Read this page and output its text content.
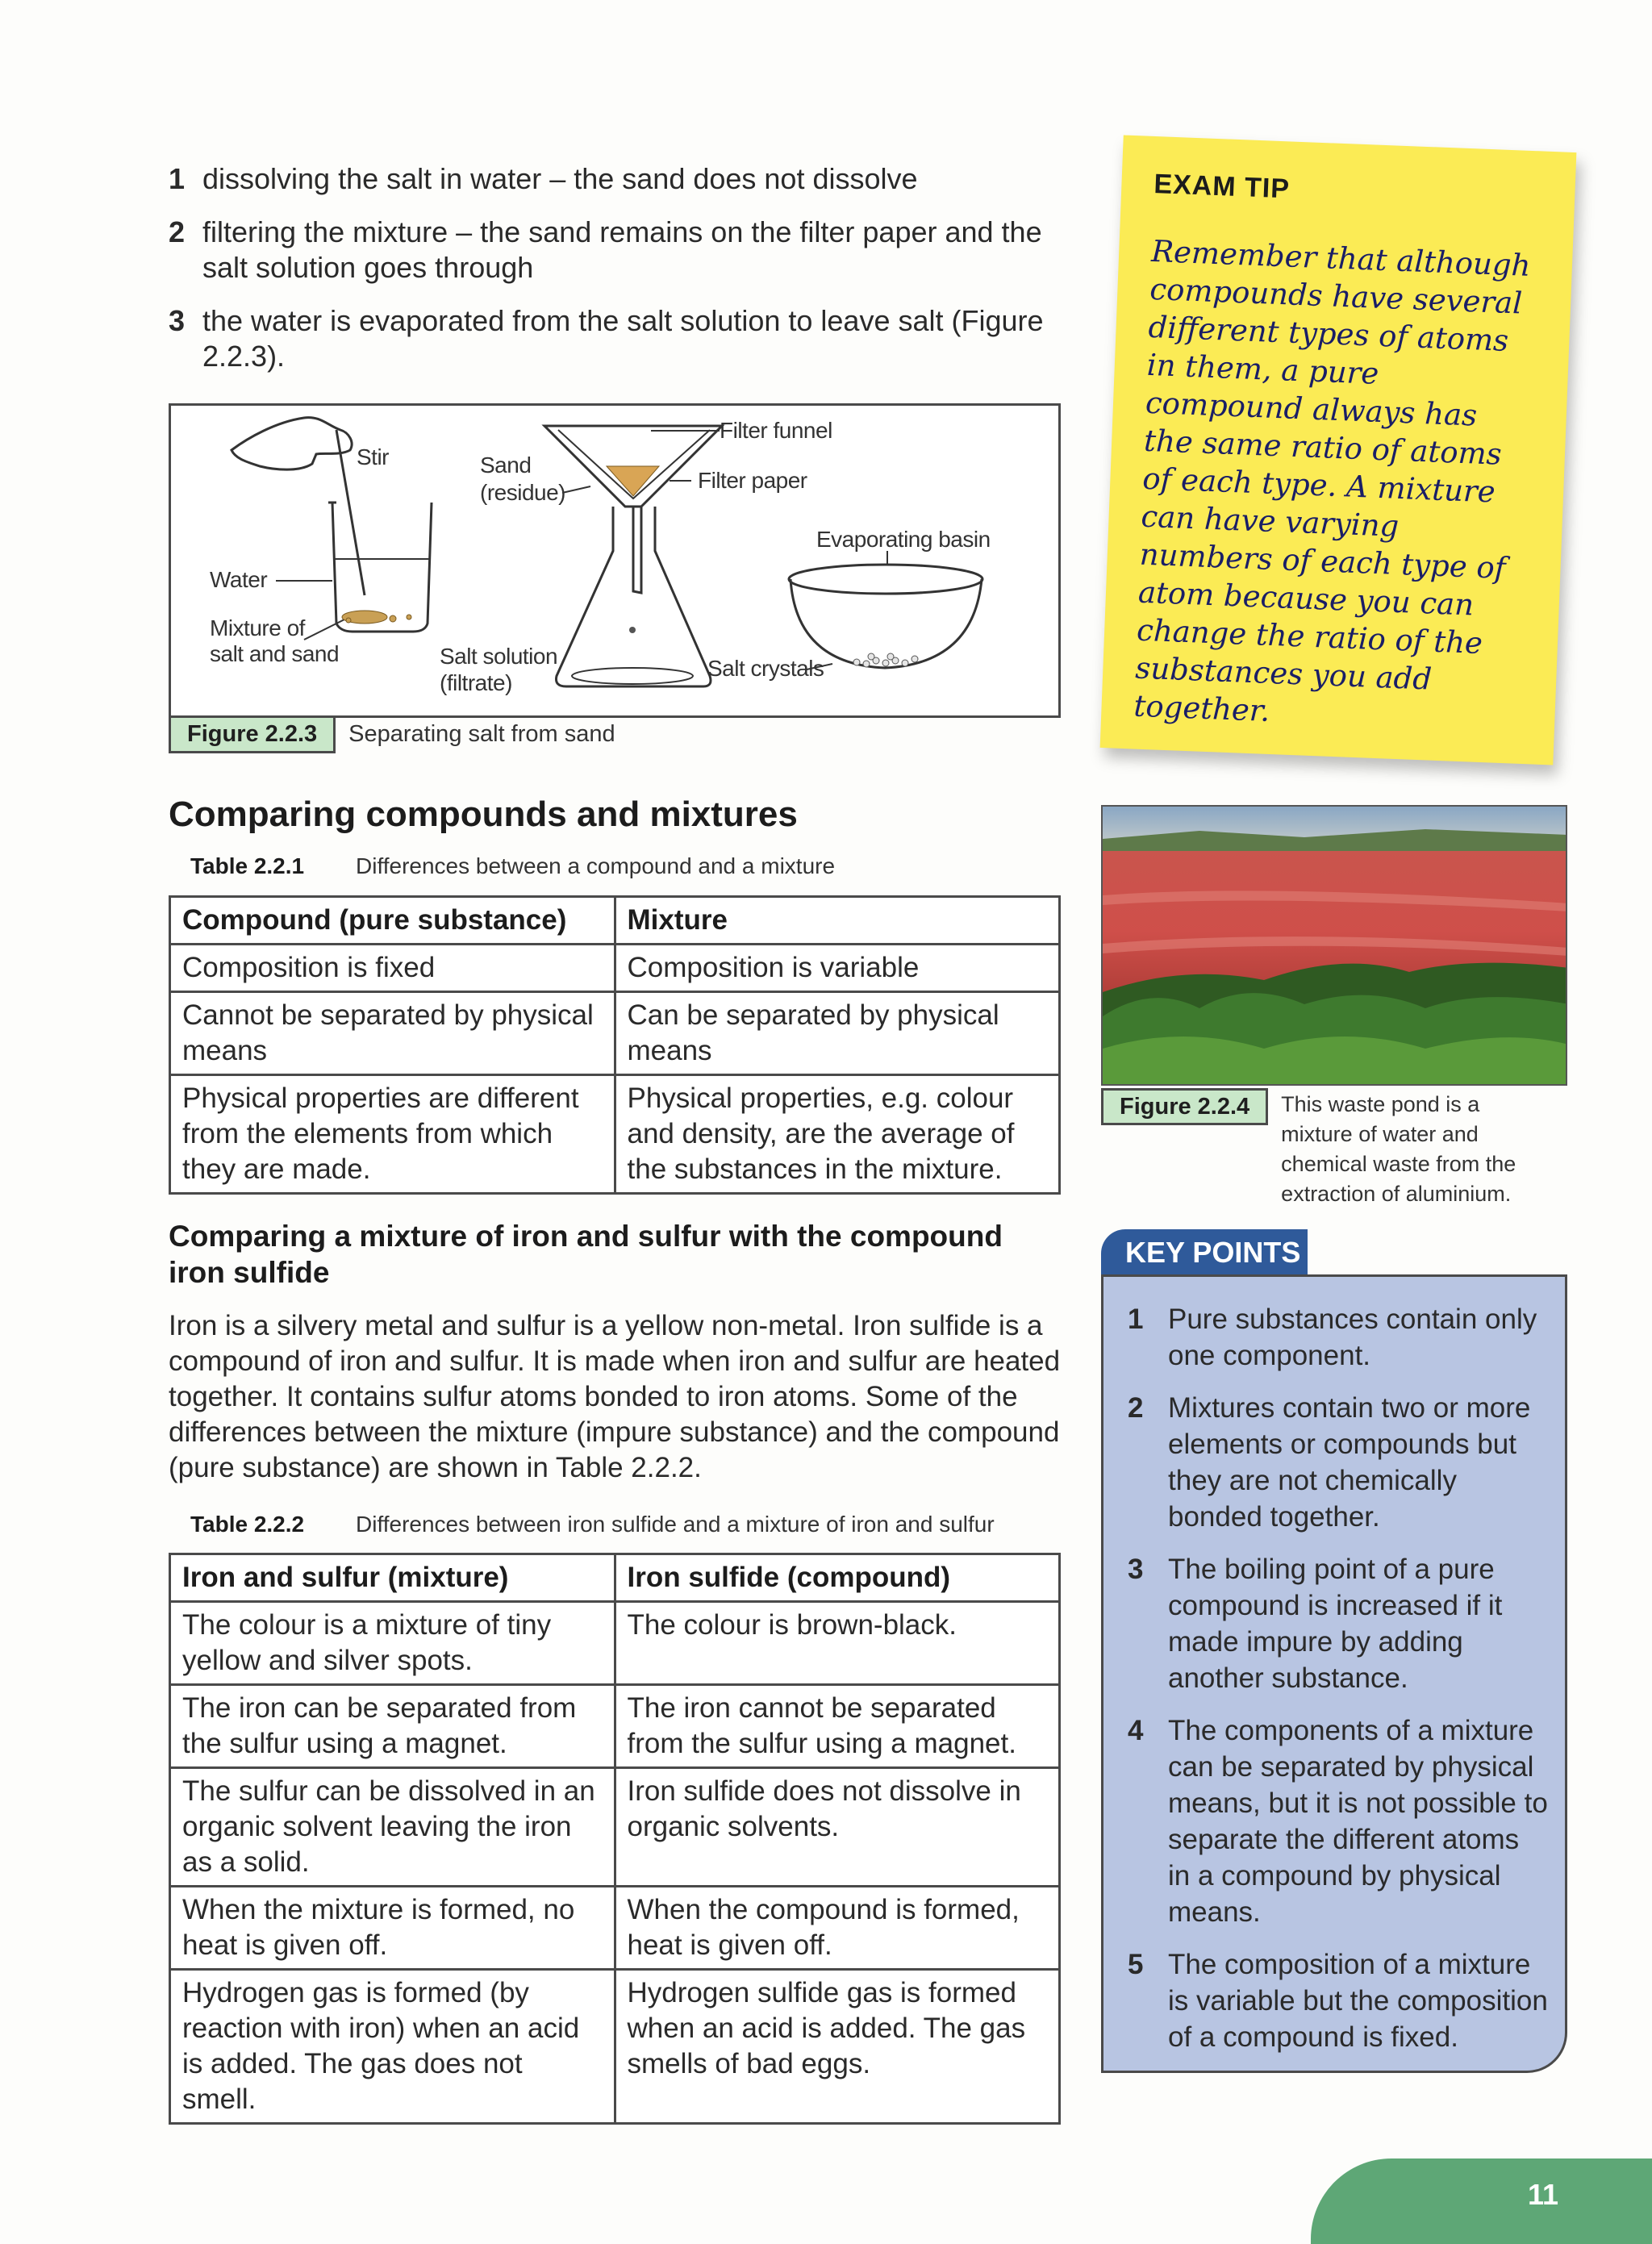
1 dissolving the salt in water – the sand does not dissolve
2 filtering the mixture – the sand remains on the filter paper and the salt solution goes through
3 the water is evaporated from the salt solution to leave salt (Figure 2.2.3).
Stir
Water
Mixture of
salt and sand
Sand
(residue)
Salt solution
(filtrate)
Filter funnel
Filter paper
Evaporating basin
Salt crystals
Figure 2.2.3	Separating salt from sand
Comparing compounds and mixtures
Table 2.2.1 Differences between a compound and a mixture
Compound (pure substance)	Mixture
Composition is fixed	Composition is variable
Cannot be separated by physical means	Can be separated by physical means
Physical properties are different from the elements from which they are made.	Physical properties, e.g. colour and density, are the average of the substances in the mixture.
Comparing a mixture of iron and sulfur with the compound iron sulfide

Iron is a silvery metal and sulfur is a yellow non-metal. Iron sulfide is a compound of iron and sulfur. It is made when iron and sulfur are heated together. It contains sulfur atoms bonded to iron atoms. Some of the differences between the mixture (impure substance) and the compound (pure substance) are shown in Table 2.2.2.

Table 2.2.2 Differences between iron sulfide and a mixture of iron and sulfur
Iron and sulfur (mixture)	Iron sulfide (compound)
The colour is a mixture of tiny yellow and silver spots.	The colour is brown-black.
The iron can be separated from the sulfur using a magnet.	The iron cannot be separated from the sulfur using a magnet.
The sulfur can be dissolved in an organic solvent leaving the iron as a solid.	Iron sulfide does not dissolve in organic solvents.
When the mixture is formed, no heat is given off.	When the compound is formed, heat is given off.
Hydrogen gas is formed (by reaction with iron) when an acid is added. The gas does not smell.	Hydrogen sulfide gas is formed when an acid is added. The gas smells of bad eggs.
EXAM TIP
Remember that although compounds have several different types of atoms in them, a pure compound always has the same ratio of atoms of each type. A mixture can have varying numbers of each type of atom because you can change the ratio of the substances you add together.
Figure 2.2.4	This waste pond is a mixture of water and chemical waste from the extraction of aluminium.
KEY POINTS
1 Pure substances contain only one component.
2 Mixtures contain two or more elements or compounds but they are not chemically bonded together.
3 The boiling point of a pure compound is increased if it made impure by adding another substance.
4 The components of a mixture can be separated by physical means, but it is not possible to separate the different atoms in a compound by physical means.
5 The composition of a mixture is variable but the composition of a compound is fixed.
11
